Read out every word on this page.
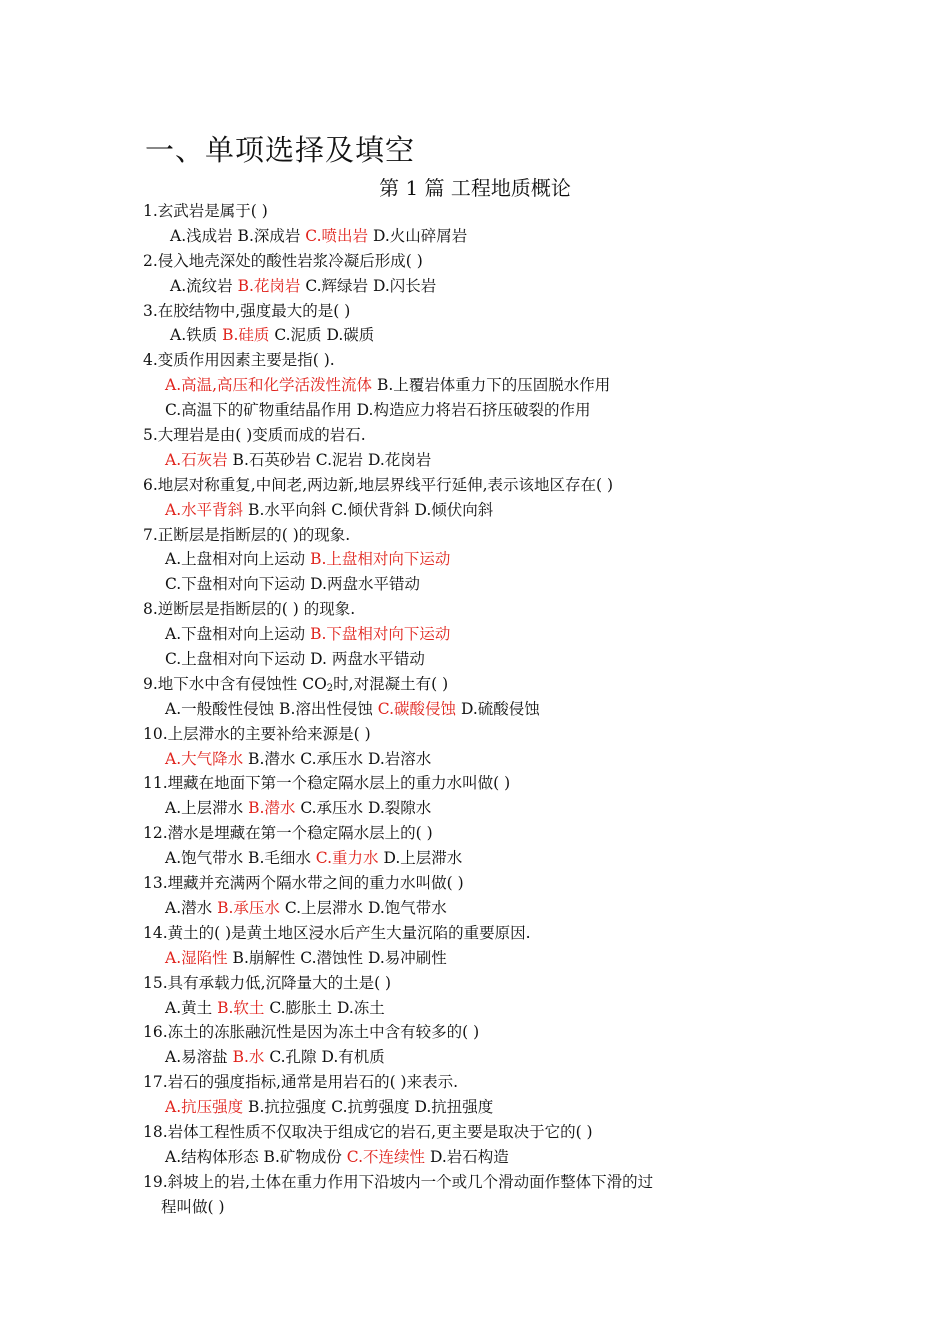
一、单项选择及填空
第 1 篇 工程地质概论
1.玄武岩是属于( )
A.浅成岩 B.深成岩 C.喷出岩 D.火山碎屑岩
2.侵入地壳深处的酸性岩浆冷凝后形成( )
A.流纹岩 B.花岗岩 C.辉绿岩 D.闪长岩
3.在胶结物中,强度最大的是( )
A.铁质 B.硅质 C.泥质 D.碳质
4.变质作用因素主要是指( ).
A.高温,高压和化学活泼性流体 B.上覆岩体重力下的压固脱水作用
C.高温下的矿物重结晶作用 D.构造应力将岩石挤压破裂的作用
5.大理岩是由( )变质而成的岩石.
A.石灰岩 B.石英砂岩 C.泥岩 D.花岗岩
6.地层对称重复,中间老,两边新,地层界线平行延伸,表示该地区存在( )
A.水平背斜 B.水平向斜 C.倾伏背斜 D.倾伏向斜
7.正断层是指断层的( )的现象.
A.上盘相对向上运动 B.上盘相对向下运动
C.下盘相对向下运动 D.两盘水平错动
8.逆断层是指断层的( ) 的现象.
A.下盘相对向上运动 B.下盘相对向下运动
C.上盘相对向下运动 D. 两盘水平错动
9.地下水中含有侵蚀性 $CO_2$时,对混凝土有( )
A.一般酸性侵蚀 B.溶出性侵蚀 C.碳酸侵蚀 D.硫酸侵蚀
10.上层滞水的主要补给来源是( )
A.大气降水 B.潜水 C.承压水 D.岩溶水
11.埋藏在地面下第一个稳定隔水层上的重力水叫做( )
A.上层滞水 B.潜水 C.承压水 D.裂隙水
12.潜水是埋藏在第一个稳定隔水层上的( )
A.饱气带水 B.毛细水 C.重力水 D.上层滞水
13.埋藏并充满两个隔水带之间的重力水叫做( )
A.潜水 B.承压水 C.上层滞水 D.饱气带水
14.黄土的( )是黄土地区浸水后产生大量沉陷的重要原因.
A.湿陷性 B.崩解性 C.潜蚀性 D.易冲刷性
15.具有承载力低,沉降量大的土是( )
A.黄土 B.软土 C.膨胀土 D.冻土
16.冻土的冻胀融沉性是因为冻土中含有较多的( )
A.易溶盐 B.水 C.孔隙 D.有机质
17.岩石的强度指标,通常是用岩石的( )来表示.
A.抗压强度 B.抗拉强度 C.抗剪强度 D.抗扭强度
18.岩体工程性质不仅取决于组成它的岩石,更主要是取决于它的( )
A.结构体形态 B.矿物成份 C.不连续性 D.岩石构造
19.斜坡上的岩,土体在重力作用下沿坡内一个或几个滑动面作整体下滑的过
程叫做( )
